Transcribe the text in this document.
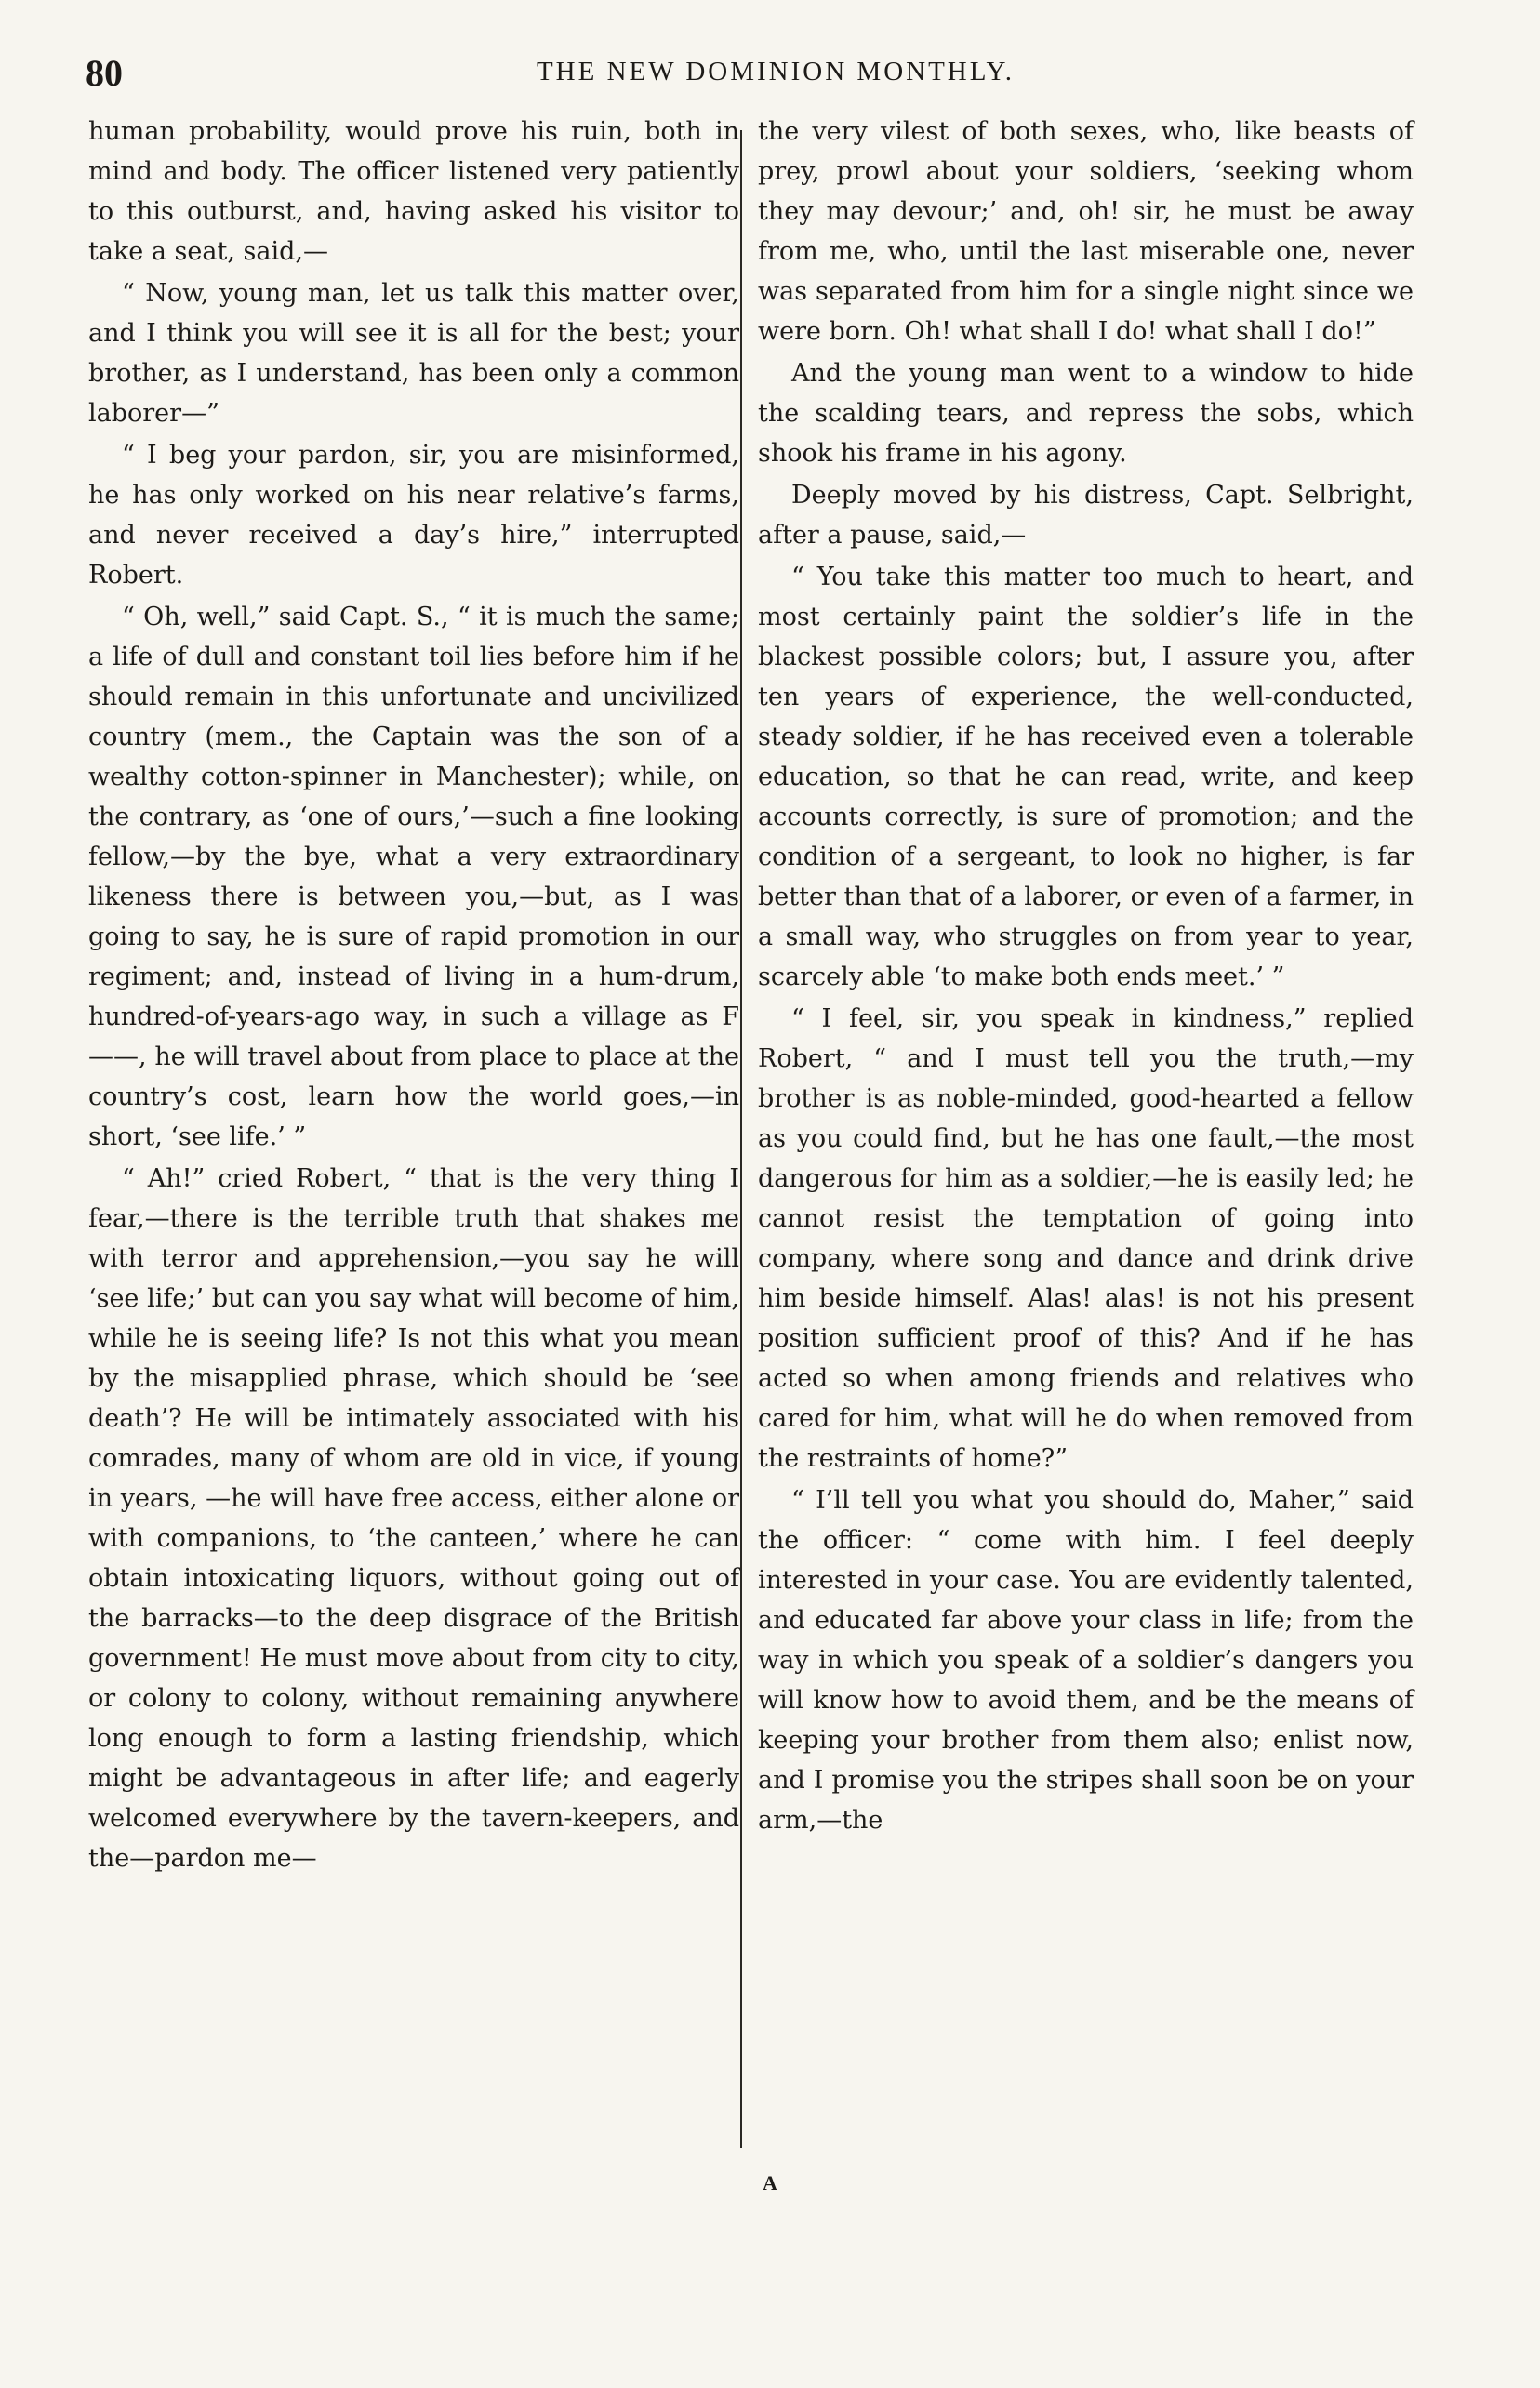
80	THE NEW DOMINION MONTHLY.

human probability, would prove his ruin, both in mind and body. The officer listened very patiently to this outburst, and, having asked his visitor to take a seat, said,—

“ Now, young man, let us talk this matter over, and I think you will see it is all for the best; your brother, as I understand, has been only a common laborer—”

“ I beg your pardon, sir, you are misinformed, he has only worked on his near relative’s farms, and never received a day’s hire,” interrupted Robert.

“ Oh, well,” said Capt. S., “ it is much the same; a life of dull and constant toil lies before him if he should remain in this unfortunate and uncivilized country (mem., the Captain was the son of a wealthy cotton-spinner in Manchester); while, on the contrary, as ‘one of ours,’—such a fine looking fellow,—by the bye, what a very extraordinary likeness there is between you,—but, as I was going to say, he is sure of rapid promotion in our regiment; and, instead of living in a hum-drum, hundred-of-years-ago way, in such a village as F——, he will travel about from place to place at the country’s cost, learn how the world goes,—in short, ‘see life.’ ”

“ Ah!” cried Robert, “ that is the very thing I fear,—there is the terrible truth that shakes me with terror and apprehension,—you say he will ‘see life;’ but can you say what will become of him, while he is seeing life? Is not this what you mean by the misapplied phrase, which should be ‘see death’? He will be intimately associated with his comrades, many of whom are old in vice, if young in years, —he will have free access, either alone or with companions, to ‘the canteen,’ where he can obtain intoxicating liquors, without going out of the barracks—to the deep disgrace of the British government! He must move about from city to city, or colony to colony, without remaining anywhere long enough to form a lasting friendship, which might be advantageous in after life; and eagerly welcomed everywhere by the tavern-keepers, and the—pardon me—

the very vilest of both sexes, who, like beasts of prey, prowl about your soldiers, ‘seeking whom they may devour;’ and, oh! sir, he must be away from me, who, until the last miserable one, never was separated from him for a single night since we were born. Oh! what shall I do! what shall I do!”

And the young man went to a window to hide the scalding tears, and repress the sobs, which shook his frame in his agony.

Deeply moved by his distress, Capt. Selbright, after a pause, said,—

“ You take this matter too much to heart, and most certainly paint the soldier’s life in the blackest possible colors; but, I assure you, after ten years of experience, the well-conducted, steady soldier, if he has received even a tolerable education, so that he can read, write, and keep accounts correctly, is sure of promotion; and the condition of a sergeant, to look no higher, is far better than that of a laborer, or even of a farmer, in a small way, who struggles on from year to year, scarcely able ‘to make both ends meet.’ ”

“ I feel, sir, you speak in kindness,” replied Robert, “ and I must tell you the truth,—my brother is as noble-minded, good-hearted a fellow as you could find, but he has one fault,—the most dangerous for him as a soldier,—he is easily led; he cannot resist the temptation of going into company, where song and dance and drink drive him beside himself. Alas! alas! is not his present position sufficient proof of this? And if he has acted so when among friends and relatives who cared for him, what will he do when removed from the restraints of home?”

“ I’ll tell you what you should do, Maher,” said the officer: “ come with him. I feel deeply interested in your case. You are evidently talented, and educated far above your class in life; from the way in which you speak of a soldier’s dangers you will know how to avoid them, and be the means of keeping your brother from them also; enlist now, and I promise you the stripes shall soon be on your arm,—the

A
